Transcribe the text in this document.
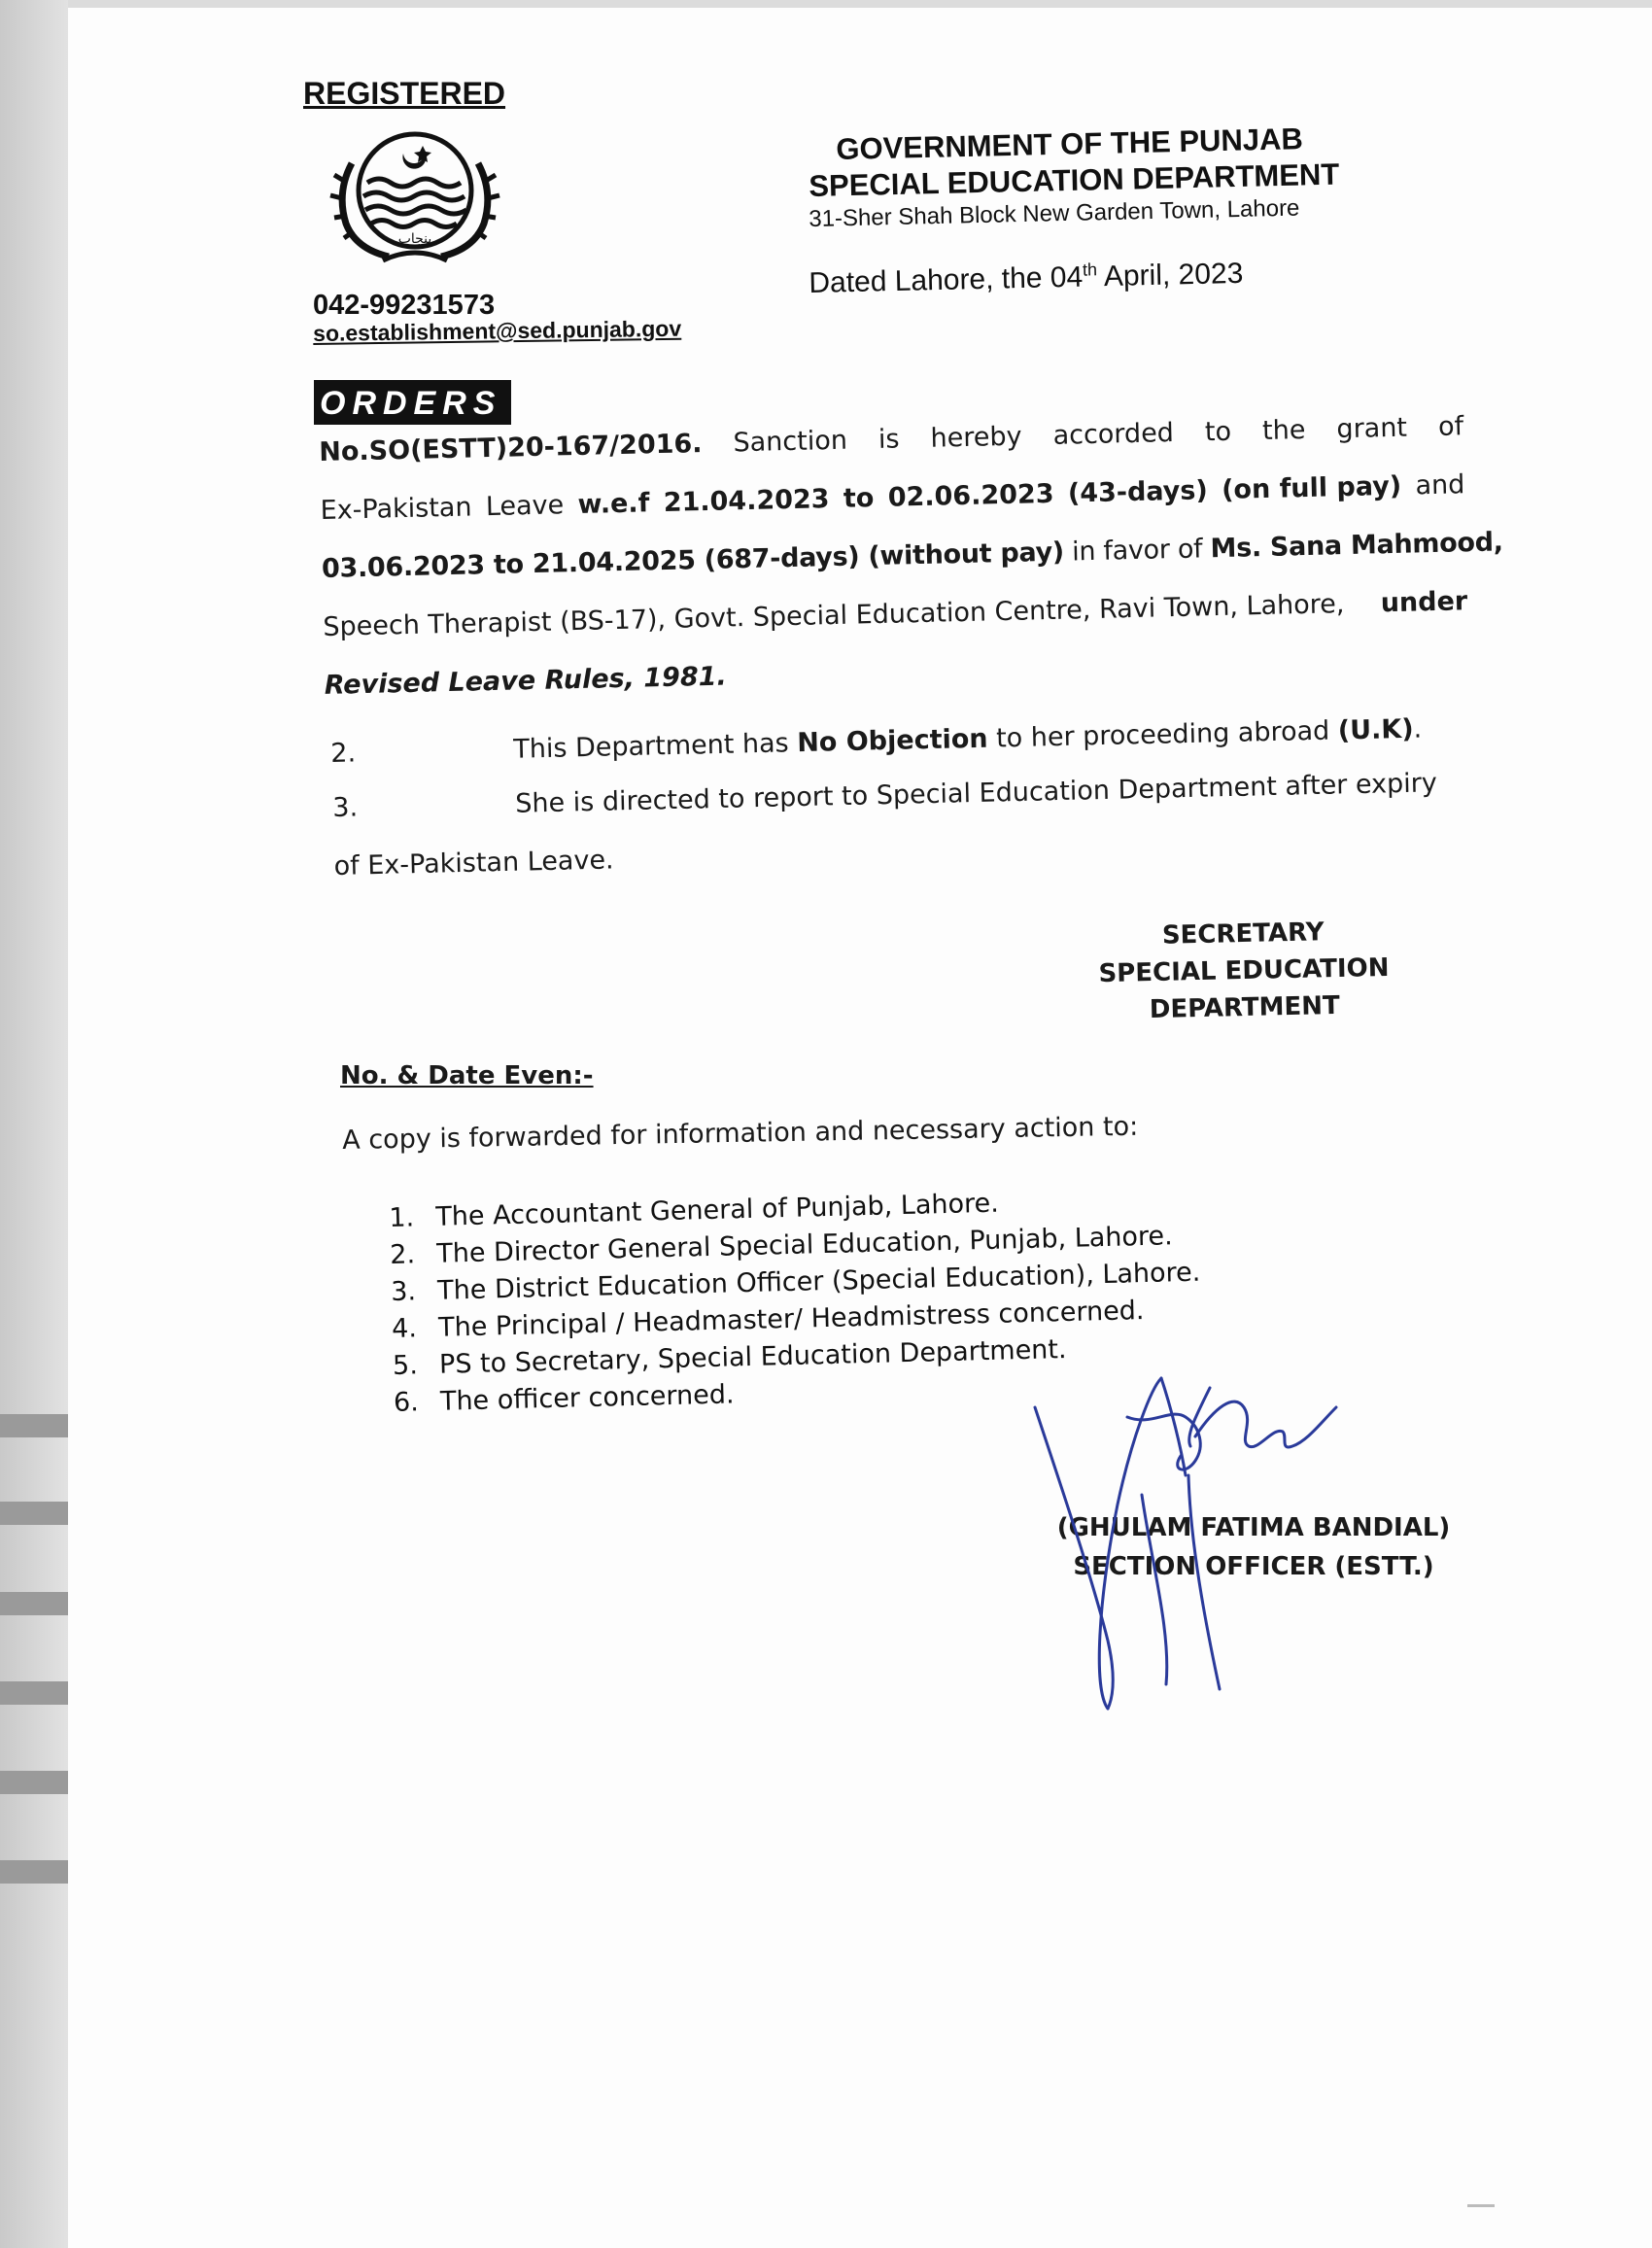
REGISTERED
پنجاب
042-99231573
so.establishment@sed.punjab.gov
GOVERNMENT OF THE PUNJAB
SPECIAL EDUCATION DEPARTMENT
31-Sher Shah Block New Garden Town, Lahore
Dated Lahore, the 04th April, 2023
ORDERS
No.SO(ESTT)20-167/2016. Sanction is hereby accorded to the grant of
Ex-Pakistan Leave w.e.f 21.04.2023 to 02.06.2023 (43-days) (on full pay) and
03.06.2023 to 21.04.2025 (687-days) (without pay) in favor of Ms. Sana Mahmood,
Speech Therapist (BS-17), Govt. Special Education Centre, Ravi Town, Lahore, under
Revised Leave Rules, 1981.
2.	This Department has No Objection to her proceeding abroad (U.K).
3.	She is directed to report to Special Education Department after expiry
of Ex-Pakistan Leave.
SECRETARY
SPECIAL EDUCATION
DEPARTMENT
No. & Date Even:-
A copy is forwarded for information and necessary action to:
1. The Accountant General of Punjab, Lahore.
2. The Director General Special Education, Punjab, Lahore.
3. The District Education Officer (Special Education), Lahore.
4. The Principal / Headmaster/ Headmistress concerned.
5. PS to Secretary, Special Education Department.
6. The officer concerned.
(GHULAM FATIMA BANDIAL)
SECTION OFFICER (ESTT.)
